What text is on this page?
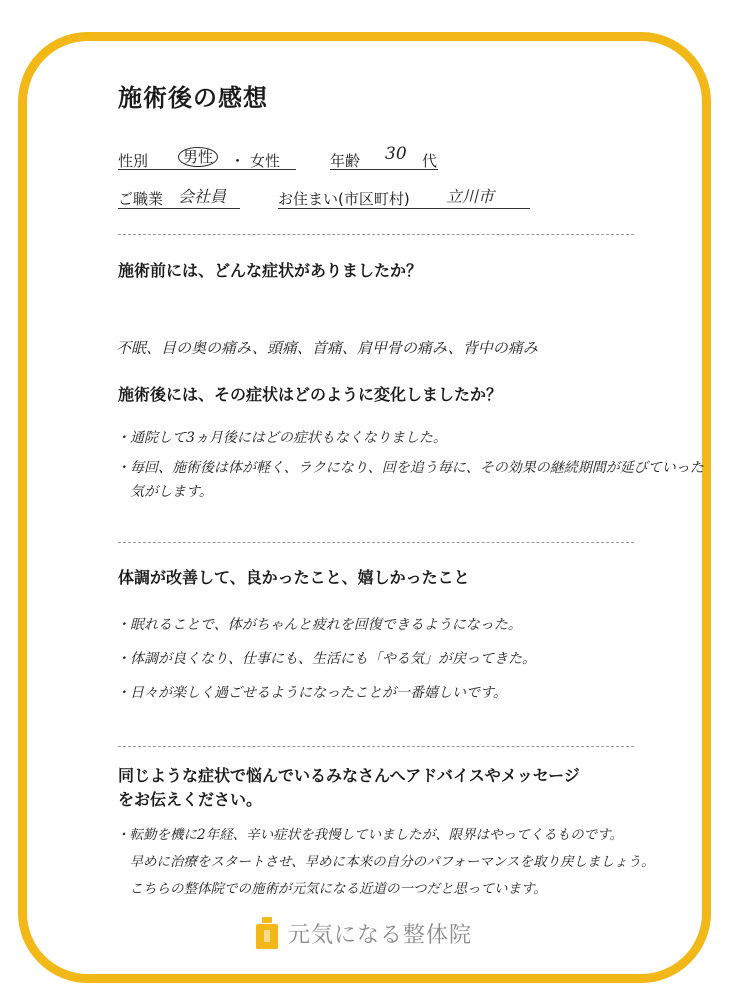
施術後の感想
性別	男性	・ 女性	年齢 30 代
ご職業 会社員	お住まい(市区町村) 立川市
施術前には、どんな症状がありましたか？
不眠、目の奥の痛み、頭痛、首痛、肩甲骨の痛み、背中の痛み
施術後には、その症状はどのように変化しましたか？
・通院して3ヵ月後にはどの症状もなくなりました。
・毎回、施術後は体が軽く、ラクになり、回を追う毎に、その効果の継続期間が延びていった
　気がします。
体調が改善して、良かったこと、嬉しかったこと
・眠れることで、体がちゃんと疲れを回復できるようになった。
・体調が良くなり、仕事にも、生活にも「やる気」が戻ってきた。
・日々が楽しく過ごせるようになったことが一番嬉しいです。
同じような症状で悩んでいるみなさんへアドバイスやメッセージ
をお伝えください。
・転勤を機に2年経、辛い症状を我慢していましたが、限界はやってくるものです。
　早めに治療をスタートさせ、早めに本来の自分のパフォーマンスを取り戻しましょう。
　こちらの整体院での施術が元気になる近道の一つだと思っています。
元気になる整体院
